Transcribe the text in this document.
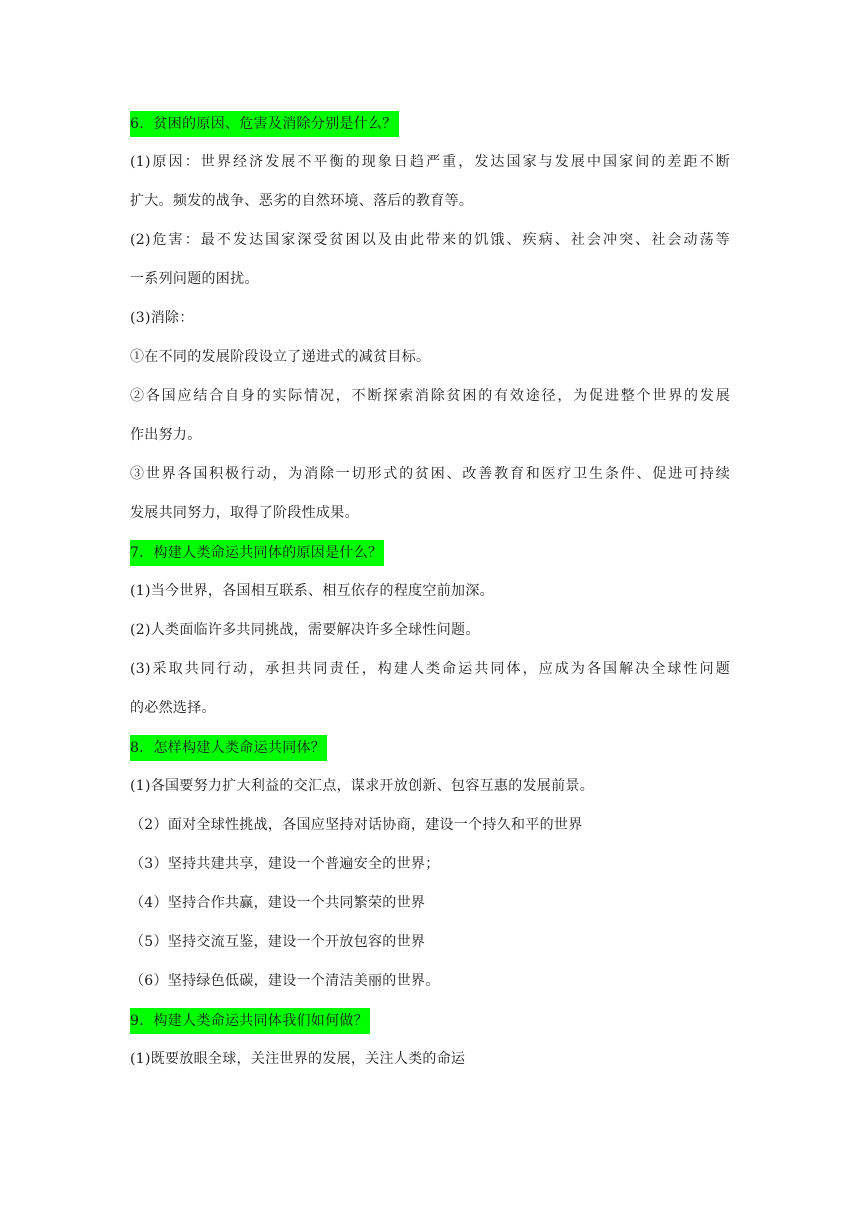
6．贫困的原因、危害及消除分别是什么？

(1)原因：世界经济发展不平衡的现象日趋严重，发达国家与发展中国家间的差距不断

扩大。频发的战争、恶劣的自然环境、落后的教育等。

(2)危害：最不发达国家深受贫困以及由此带来的饥饿、疾病、社会冲突、社会动荡等

一系列问题的困扰。

(3)消除：

①在不同的发展阶段设立了递进式的减贫目标。

②各国应结合自身的实际情况，不断探索消除贫困的有效途径，为促进整个世界的发展

作出努力。

③世界各国积极行动，为消除一切形式的贫困、改善教育和医疗卫生条件、促进可持续

发展共同努力，取得了阶段性成果。

7．构建人类命运共同体的原因是什么？

(1)当今世界，各国相互联系、相互依存的程度空前加深。

(2)人类面临许多共同挑战，需要解决许多全球性问题。

(3)采取共同行动，承担共同责任，构建人类命运共同体，应成为各国解决全球性问题

的必然选择。

8．怎样构建人类命运共同体？

(1)各国要努力扩大利益的交汇点，谋求开放创新、包容互惠的发展前景。

（2）面对全球性挑战，各国应坚持对话协商，建设一个持久和平的世界

（3）坚持共建共享，建设一个普遍安全的世界；

（4）坚持合作共赢，建设一个共同繁荣的世界

（5）坚持交流互鉴，建设一个开放包容的世界

（6）坚持绿色低碳，建设一个清洁美丽的世界。

9．构建人类命运共同体我们如何做？

(1)既要放眼全球，关注世界的发展，关注人类的命运
